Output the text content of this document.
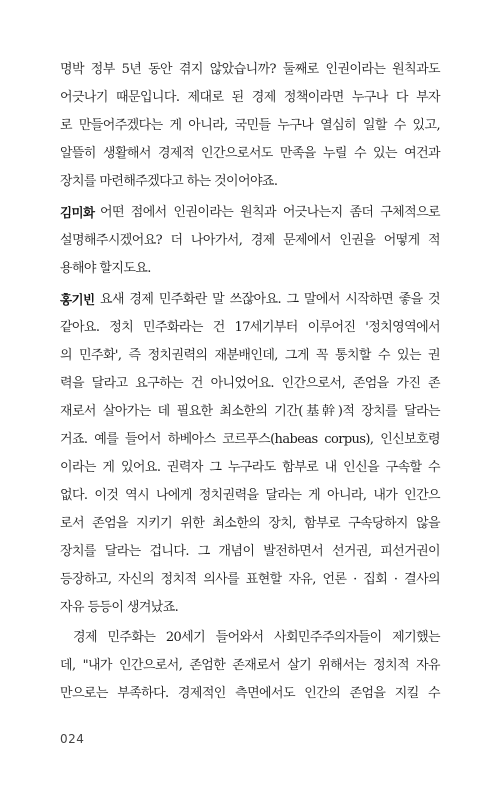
명박 정부 5년 동안 겪지 않았습니까? 둘째로 인권이라는 원칙과도
어긋나기 때문입니다. 제대로 된 경제 정책이라면 누구나 다 부자
로 만들어주겠다는 게 아니라, 국민들 누구나 열심히 일할 수 있고,
알뜰히 생활해서 경제적 인간으로서도 만족을 누릴 수 있는 여건과
장치를 마련해주겠다고 하는 것이어야죠.
김미화 어떤 점에서 인권이라는 원칙과 어긋나는지 좀더 구체적으로
설명해주시겠어요? 더 나아가서, 경제 문제에서 인권을 어떻게 적
용해야 할지도요.
홍기빈 요새 경제 민주화란 말 쓰잖아요. 그 말에서 시작하면 좋을 것
같아요. 정치 민주화라는 건 17세기부터 이루어진 '정치영역에서
의 민주화', 즉 정치권력의 재분배인데, 그게 꼭 통치할 수 있는 권
력을 달라고 요구하는 건 아니었어요. 인간으로서, 존엄을 가진 존
재로서 살아가는 데 필요한 최소한의 기간(基幹)적 장치를 달라는
거죠. 예를 들어서 하베아스 코르푸스(habeas corpus), 인신보호령
이라는 게 있어요. 권력자 그 누구라도 함부로 내 인신을 구속할 수
없다. 이것 역시 나에게 정치권력을 달라는 게 아니라, 내가 인간으
로서 존엄을 지키기 위한 최소한의 장치, 함부로 구속당하지 않을
장치를 달라는 겁니다. 그 개념이 발전하면서 선거권, 피선거권이
등장하고, 자신의 정치적 의사를 표현할 자유, 언론 · 집회 · 결사의
자유 등등이 생겨났죠.
경제 민주화는 20세기 들어와서 사회민주주의자들이 제기했는
데, "내가 인간으로서, 존엄한 존재로서 살기 위해서는 정치적 자유
만으로는 부족하다. 경제적인 측면에서도 인간의 존엄을 지킬 수
024
